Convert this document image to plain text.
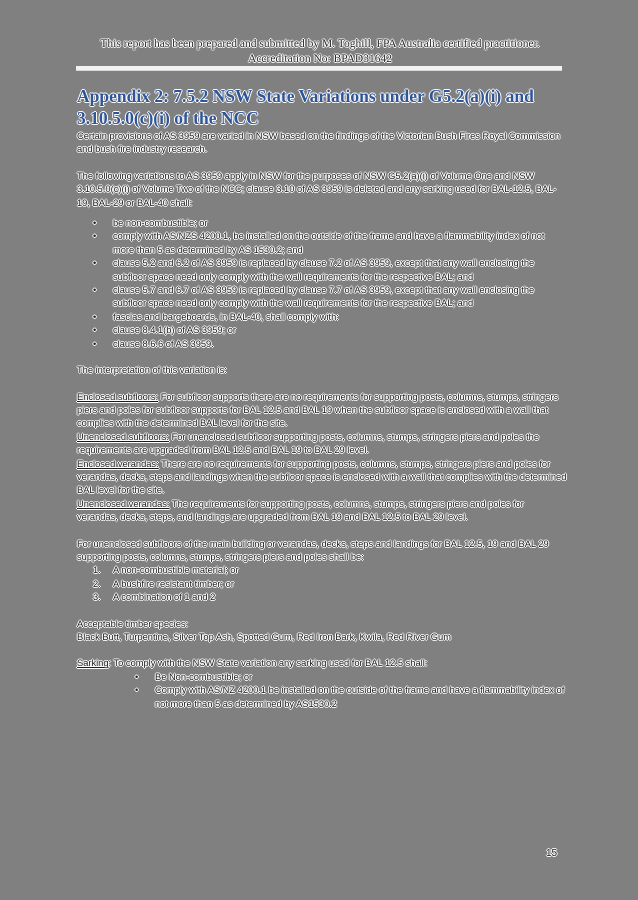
This report has been prepared and submitted by M. Toghill, FPA Australia certified practitioner.
Accreditation No: BPAD31642
Appendix 2: 7.5.2 NSW State Variations under G5.2(a)(i) and 3.10.5.0(c)(i) of the NCC

Certain provisions of AS 3959 are varied in NSW based on the findings of the Victorian Bush Fires Royal Commission and bush fire industry research.

The following variations to AS 3959 apply in NSW for the purposes of NSW G5.2(a)(i) of Volume One and NSW 3.10.5.0(c)(i) of Volume Two of the NCC; clause 3.10 of AS 3959 is deleted and any sarking used for BAL-12.5, BAL-19, BAL-29 or BAL-40 shall:

• be non-combustible; or
• comply with AS/NZS 4200.1, be installed on the outside of the frame and have a flammability index of not more than 5 as determined by AS 1530.2; and
• clause 5.2 and 6.2 of AS 3959 is replaced by clause 7.2 of AS 3959, except that any wall enclosing the subfloor space need only comply with the wall requirements for the respective BAL; and
• clause 5.7 and 6.7 of AS 3959 is replaced by clause 7.7 of AS 3959, except that any wall enclosing the subfloor space need only comply with the wall requirements for the respective BAL; and
• fascias and bargeboards, in BAL-40, shall comply with:
• clause 8.4.1(b) of AS 3959; or
• clause 8.6.6 of AS 3959.

The interpretation of this variation is:

Enclosed subfloors: For subfloor supports there are no requirements for supporting posts, columns, stumps, stringers piers and poles for subfloor supports for BAL 12.5 and BAL 19 when the subfloor space is enclosed with a wall that complies with the determined BAL level for the site.

Unenclosed subfloors: For unenclosed subfloor supporting posts, columns, stumps, stringers piers and poles the requirements are upgraded from BAL 12.5 and BAL 19 to BAL 29 level.

Enclosed verandas: There are no requirements for supporting posts, columns, stumps, stringers piers and poles for verandas, decks, steps and landings when the subfloor space is enclosed with a wall that complies with the determined BAL level for the site.

Unenclosed verandas: The requirements for supporting posts, columns, stumps, stringers piers and poles for verandas, decks, steps, and landings are upgraded from BAL 19 and BAL 12.5 to BAL 29 level.

For unenclosed subfloors of the main building or verandas, decks, steps and landings for BAL 12.5, 19 and BAL 29 supporting posts, columns, stumps, stringers piers and poles shall be:

1. A non-combustible material; or
2. A bushfire resistant timber; or
3. A combination of 1 and 2

Acceptable timber species:

Black Butt, Turpentine, Silver Top Ash, Spotted Gum, Red Iron Bark, Kwila, Red River Gum

Sarking: To comply with the NSW State variation any sarking used for BAL 12.5 shall:

• Be Non-combustible; or
• Comply with AS/NZ 4200.1 be installed on the outside of the frame and have a flammability index of not more than 5 as determined by AS1530.2
15
